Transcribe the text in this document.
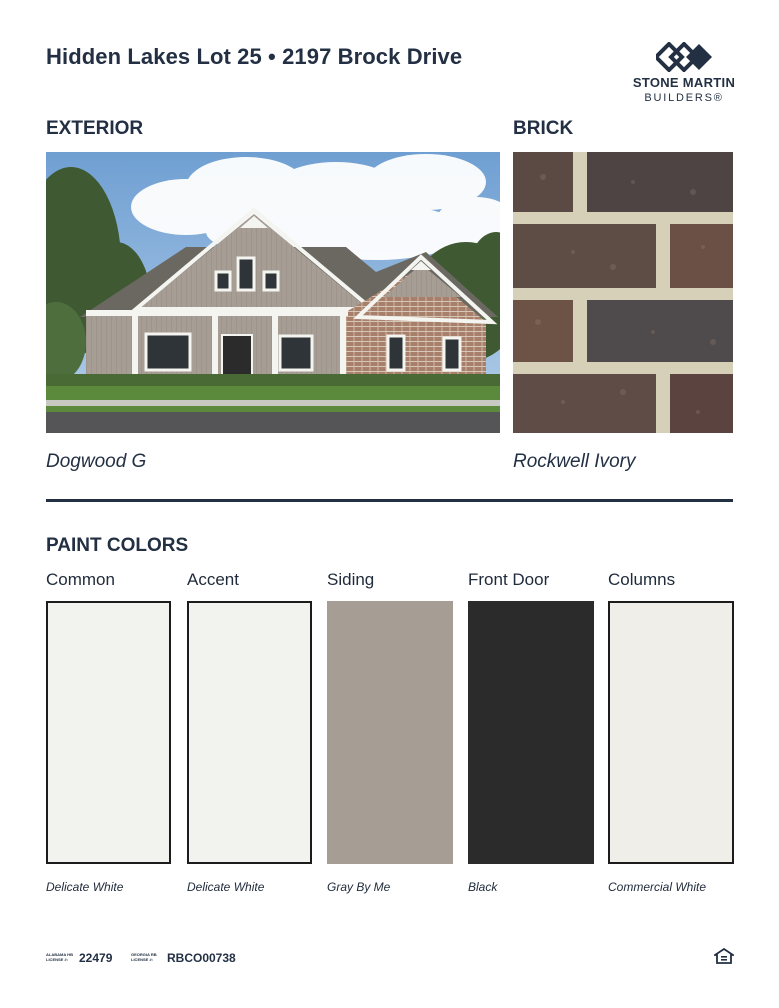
Hidden Lakes Lot 25 • 2197 Brock Drive
STONE MARTIN
BUILDERS®
EXTERIOR	BRICK
Dogwood G	Rockwell Ivory
PAINT COLORS
Common	Accent	Siding	Front Door	Columns
Delicate White	Delicate White	Gray By Me	Black	Commercial White
ALABAMA HB
LICENSE #: 22479	GEORGIA RB
LICENSE #: RBCO00738
